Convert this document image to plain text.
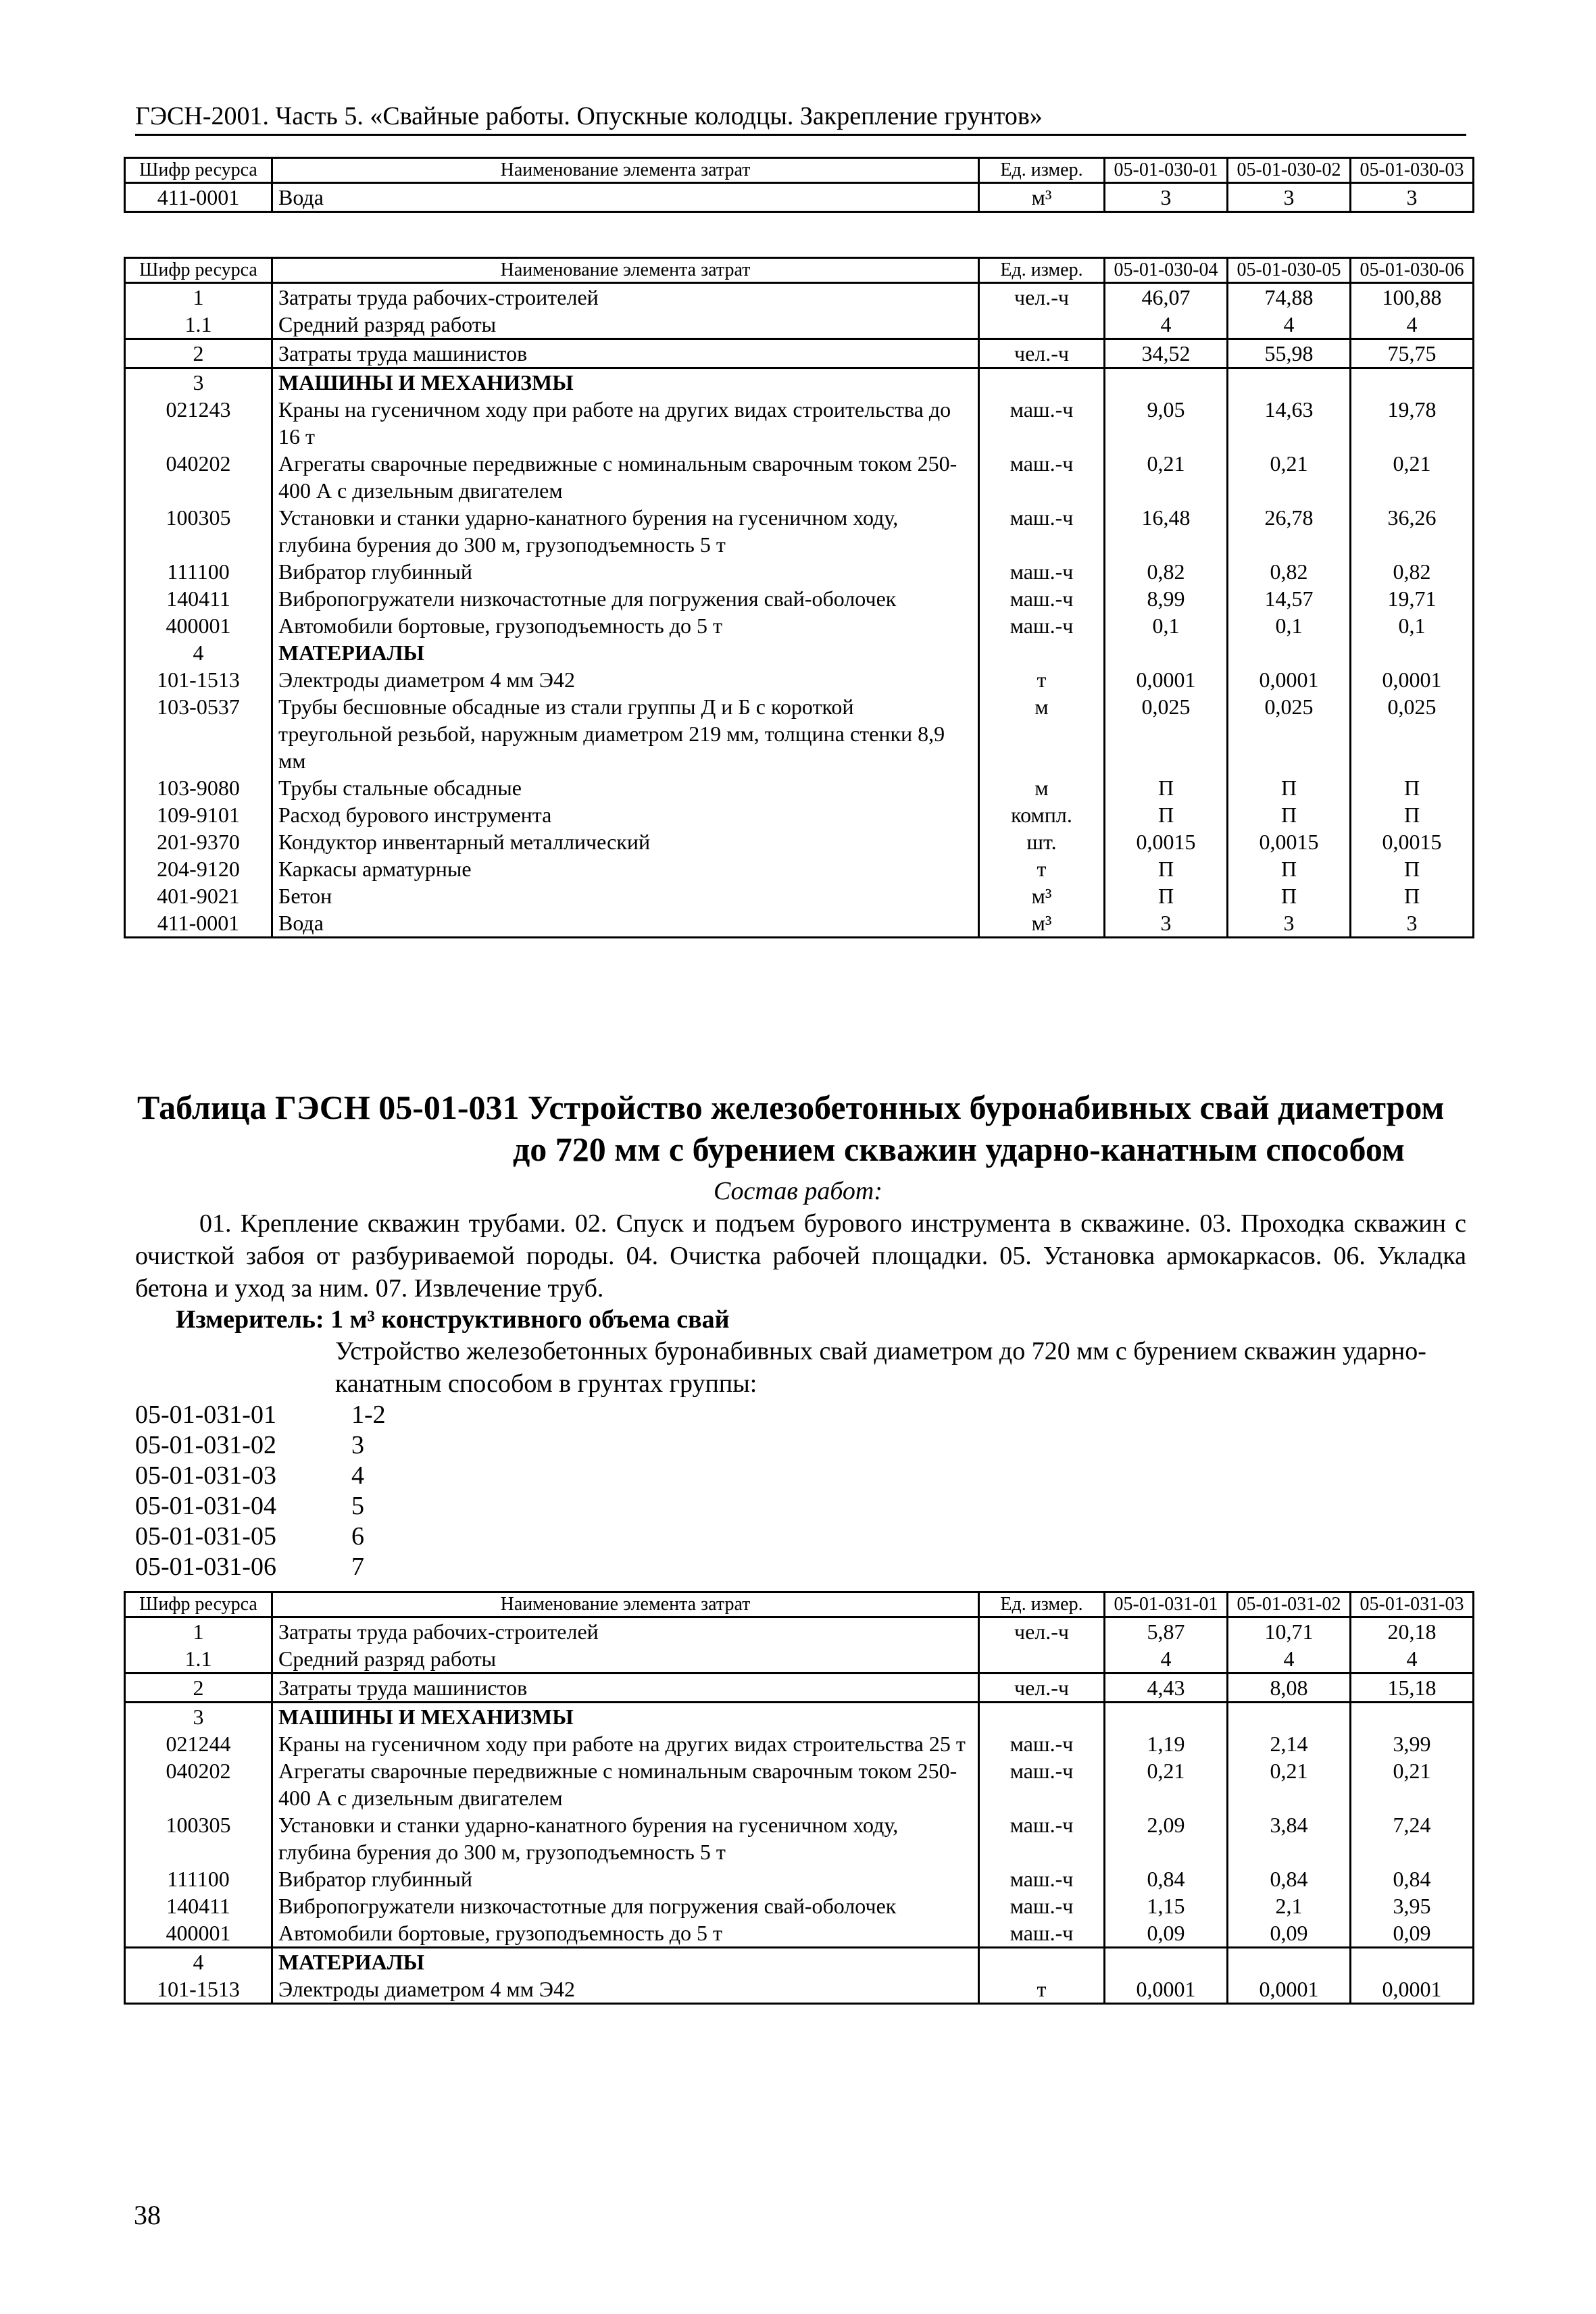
ГЭСН-2001. Часть 5. «Свайные работы. Опускные колодцы. Закрепление грунтов»
Шифр ресурса	Наименование элемента затрат	Ед. измер.	05-01-030-01	05-01-030-02	05-01-030-03
411-0001	Вода	м³	3	3	3
Шифр ресурса	Наименование элемента затрат	Ед. измер.	05-01-030-04	05-01-030-05	05-01-030-06
1	Затраты труда рабочих-строителей	чел.-ч	46,07	74,88	100,88
1.1	Средний разряд работы		4	4	4
2	Затраты труда машинистов	чел.-ч	34,52	55,98	75,75
3	МАШИНЫ И МЕХАНИЗМЫ				
021243	Краны на гусеничном ходу при работе на других видах строительства до 16 т	маш.-ч	9,05	14,63	19,78
040202	Агрегаты сварочные передвижные с номинальным сварочным током 250-400 А с дизельным двигателем	маш.-ч	0,21	0,21	0,21
100305	Установки и станки ударно-канатного бурения на гусеничном ходу, глубина бурения до 300 м, грузоподъемность 5 т	маш.-ч	16,48	26,78	36,26
111100	Вибратор глубинный	маш.-ч	0,82	0,82	0,82
140411	Вибропогружатели низкочастотные для погружения свай-оболочек	маш.-ч	8,99	14,57	19,71
400001	Автомобили бортовые, грузоподъемность до 5 т	маш.-ч	0,1	0,1	0,1
4	МАТЕРИАЛЫ				
101-1513	Электроды диаметром 4 мм Э42	т	0,0001	0,0001	0,0001
103-0537	Трубы бесшовные обсадные из стали группы Д и Б с короткой треугольной резьбой, наружным диаметром 219 мм, толщина стенки 8,9 мм	м	0,025	0,025	0,025
103-9080	Трубы стальные обсадные	м	П	П	П
109-9101	Расход бурового инструмента	компл.	П	П	П
201-9370	Кондуктор инвентарный металлический	шт.	0,0015	0,0015	0,0015
204-9120	Каркасы арматурные	т	П	П	П
401-9021	Бетон	м³	П	П	П
411-0001	Вода	м³	3	3	3
Таблица ГЭСН 05-01-031 Устройство железобетонных буронабивных свай диаметром
до 720 мм с бурением скважин ударно-канатным способом
Состав работ:
01. Крепление скважин трубами. 02. Спуск и подъем бурового инструмента в скважине. 03. Проходка скважин с очисткой забоя от разбуриваемой породы. 04. Очистка рабочей площадки. 05. Установка армокаркасов. 06. Укладка бетона и уход за ним. 07. Извлечение труб.
Измеритель: 1 м³ конструктивного объема свай
Устройство железобетонных буронабивных свай диаметром до 720 мм с бурением скважин ударно-канатным способом в грунтах группы:
05-01-031-01	1-2
05-01-031-02	3
05-01-031-03	4
05-01-031-04	5
05-01-031-05	6
05-01-031-06	7
Шифр ресурса	Наименование элемента затрат	Ед. измер.	05-01-031-01	05-01-031-02	05-01-031-03
1	Затраты труда рабочих-строителей	чел.-ч	5,87	10,71	20,18
1.1	Средний разряд работы		4	4	4
2	Затраты труда машинистов	чел.-ч	4,43	8,08	15,18
3	МАШИНЫ И МЕХАНИЗМЫ				
021244	Краны на гусеничном ходу при работе на других видах строительства 25 т	маш.-ч	1,19	2,14	3,99
040202	Агрегаты сварочные передвижные с номинальным сварочным током 250-400 А с дизельным двигателем	маш.-ч	0,21	0,21	0,21
100305	Установки и станки ударно-канатного бурения на гусеничном ходу, глубина бурения до 300 м, грузоподъемность 5 т	маш.-ч	2,09	3,84	7,24
111100	Вибратор глубинный	маш.-ч	0,84	0,84	0,84
140411	Вибропогружатели низкочастотные для погружения свай-оболочек	маш.-ч	1,15	2,1	3,95
400001	Автомобили бортовые, грузоподъемность до 5 т	маш.-ч	0,09	0,09	0,09
4	МАТЕРИАЛЫ				
101-1513	Электроды диаметром 4 мм Э42	т	0,0001	0,0001	0,0001
38
